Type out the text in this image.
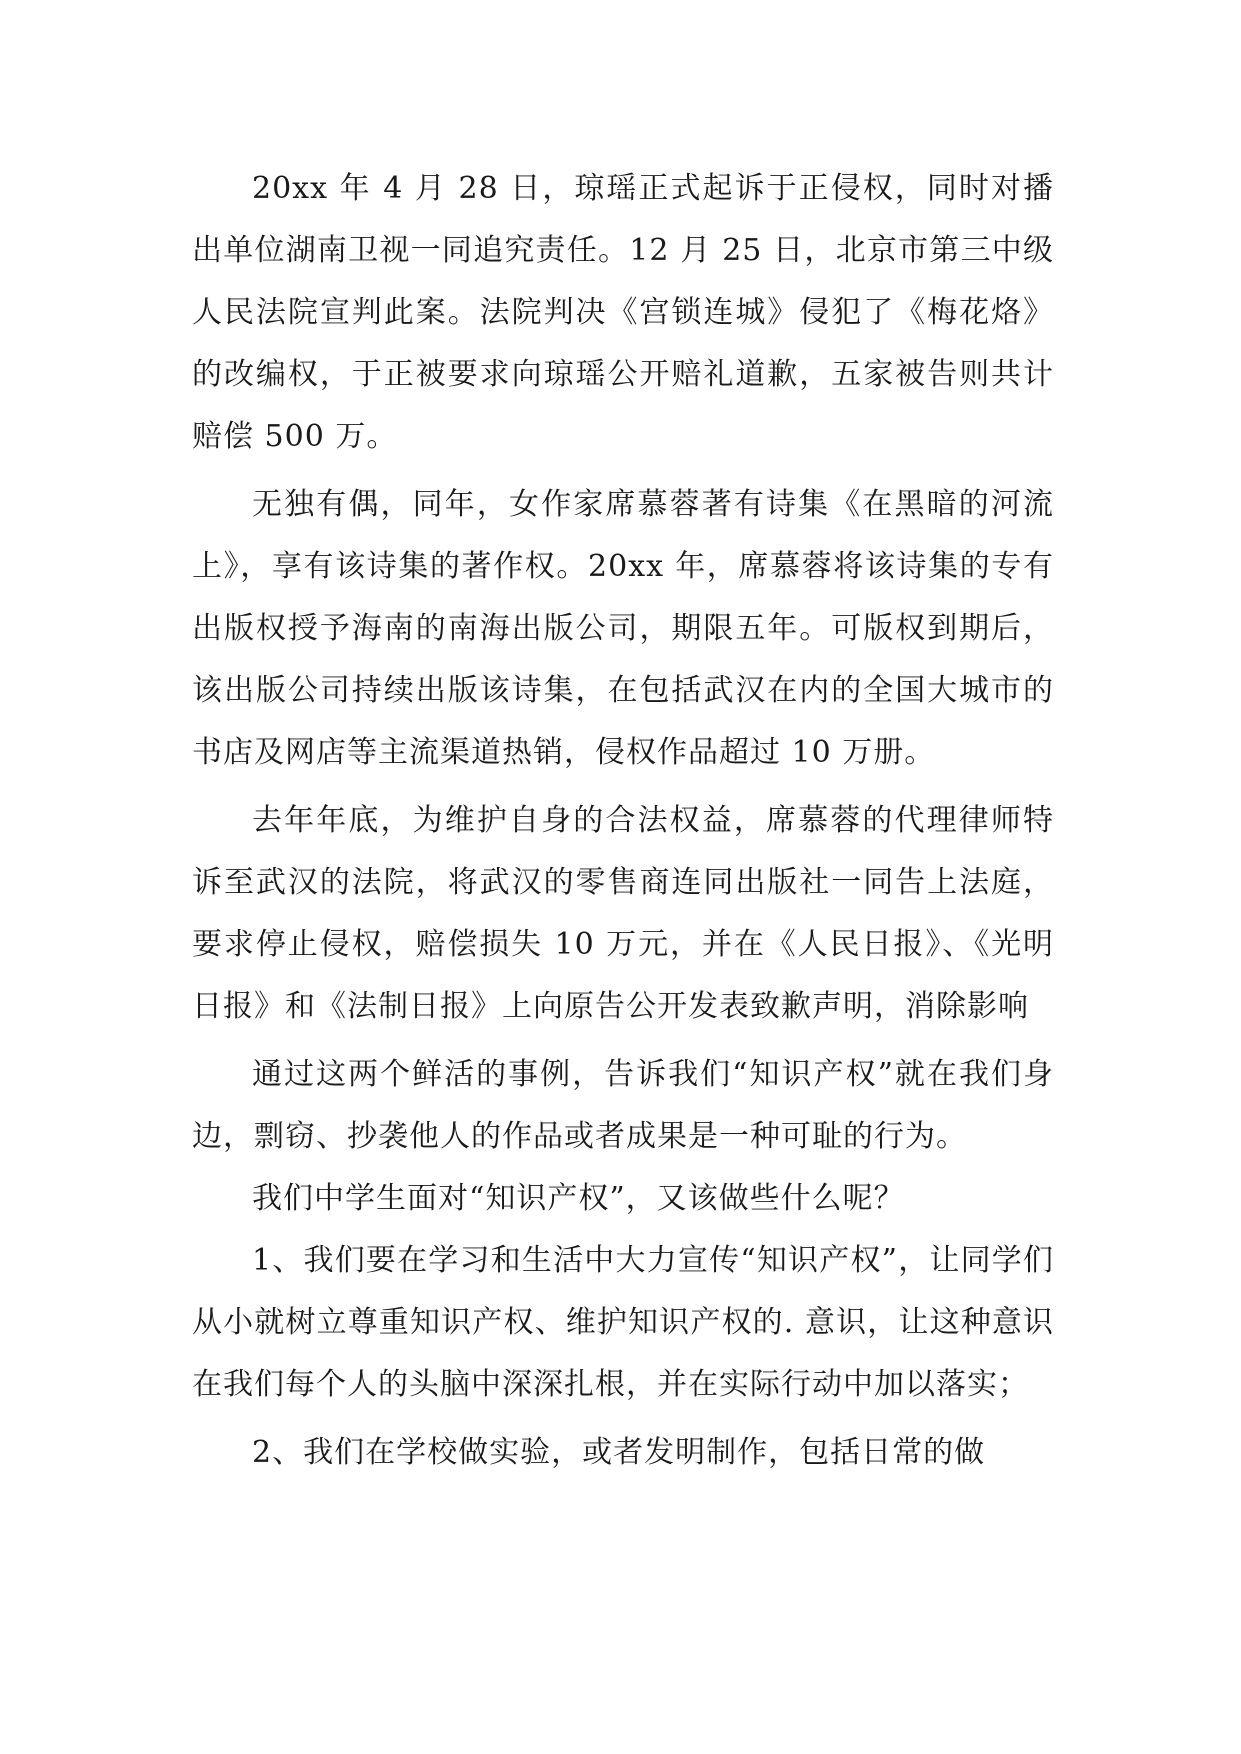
20xx 年 4 月 28 日，琼瑶正式起诉于正侵权，同时对播出单位湖南卫视一同追究责任。12 月 25 日，北京市第三中级人民法院宣判此案。法院判决《宫锁连城》侵犯了《梅花烙》的改编权，于正被要求向琼瑶公开赔礼道歉，五家被告则共计赔偿 500 万。

无独有偶，同年，女作家席慕蓉著有诗集《在黑暗的河流上》，享有该诗集的著作权。20xx 年，席慕蓉将该诗集的专有出版权授予海南的南海出版公司，期限五年。可版权到期后，该出版公司持续出版该诗集，在包括武汉在内的全国大城市的书店及网店等主流渠道热销，侵权作品超过 10 万册。

去年年底，为维护自身的合法权益，席慕蓉的代理律师特诉至武汉的法院，将武汉的零售商连同出版社一同告上法庭，要求停止侵权，赔偿损失 10 万元，并在《人民日报》、《光明日报》和《法制日报》上向原告公开发表致歉声明，消除影响

通过这两个鲜活的事例，告诉我们“知识产权”就在我们身边，剽窃、抄袭他人的作品或者成果是一种可耻的行为。

我们中学生面对“知识产权”，又该做些什么呢？

1、我们要在学习和生活中大力宣传“知识产权”，让同学们从小就树立尊重知识产权、维护知识产权的. 意识，让这种意识在我们每个人的头脑中深深扎根，并在实际行动中加以落实；

2、我们在学校做实验，或者发明制作，包括日常的做
